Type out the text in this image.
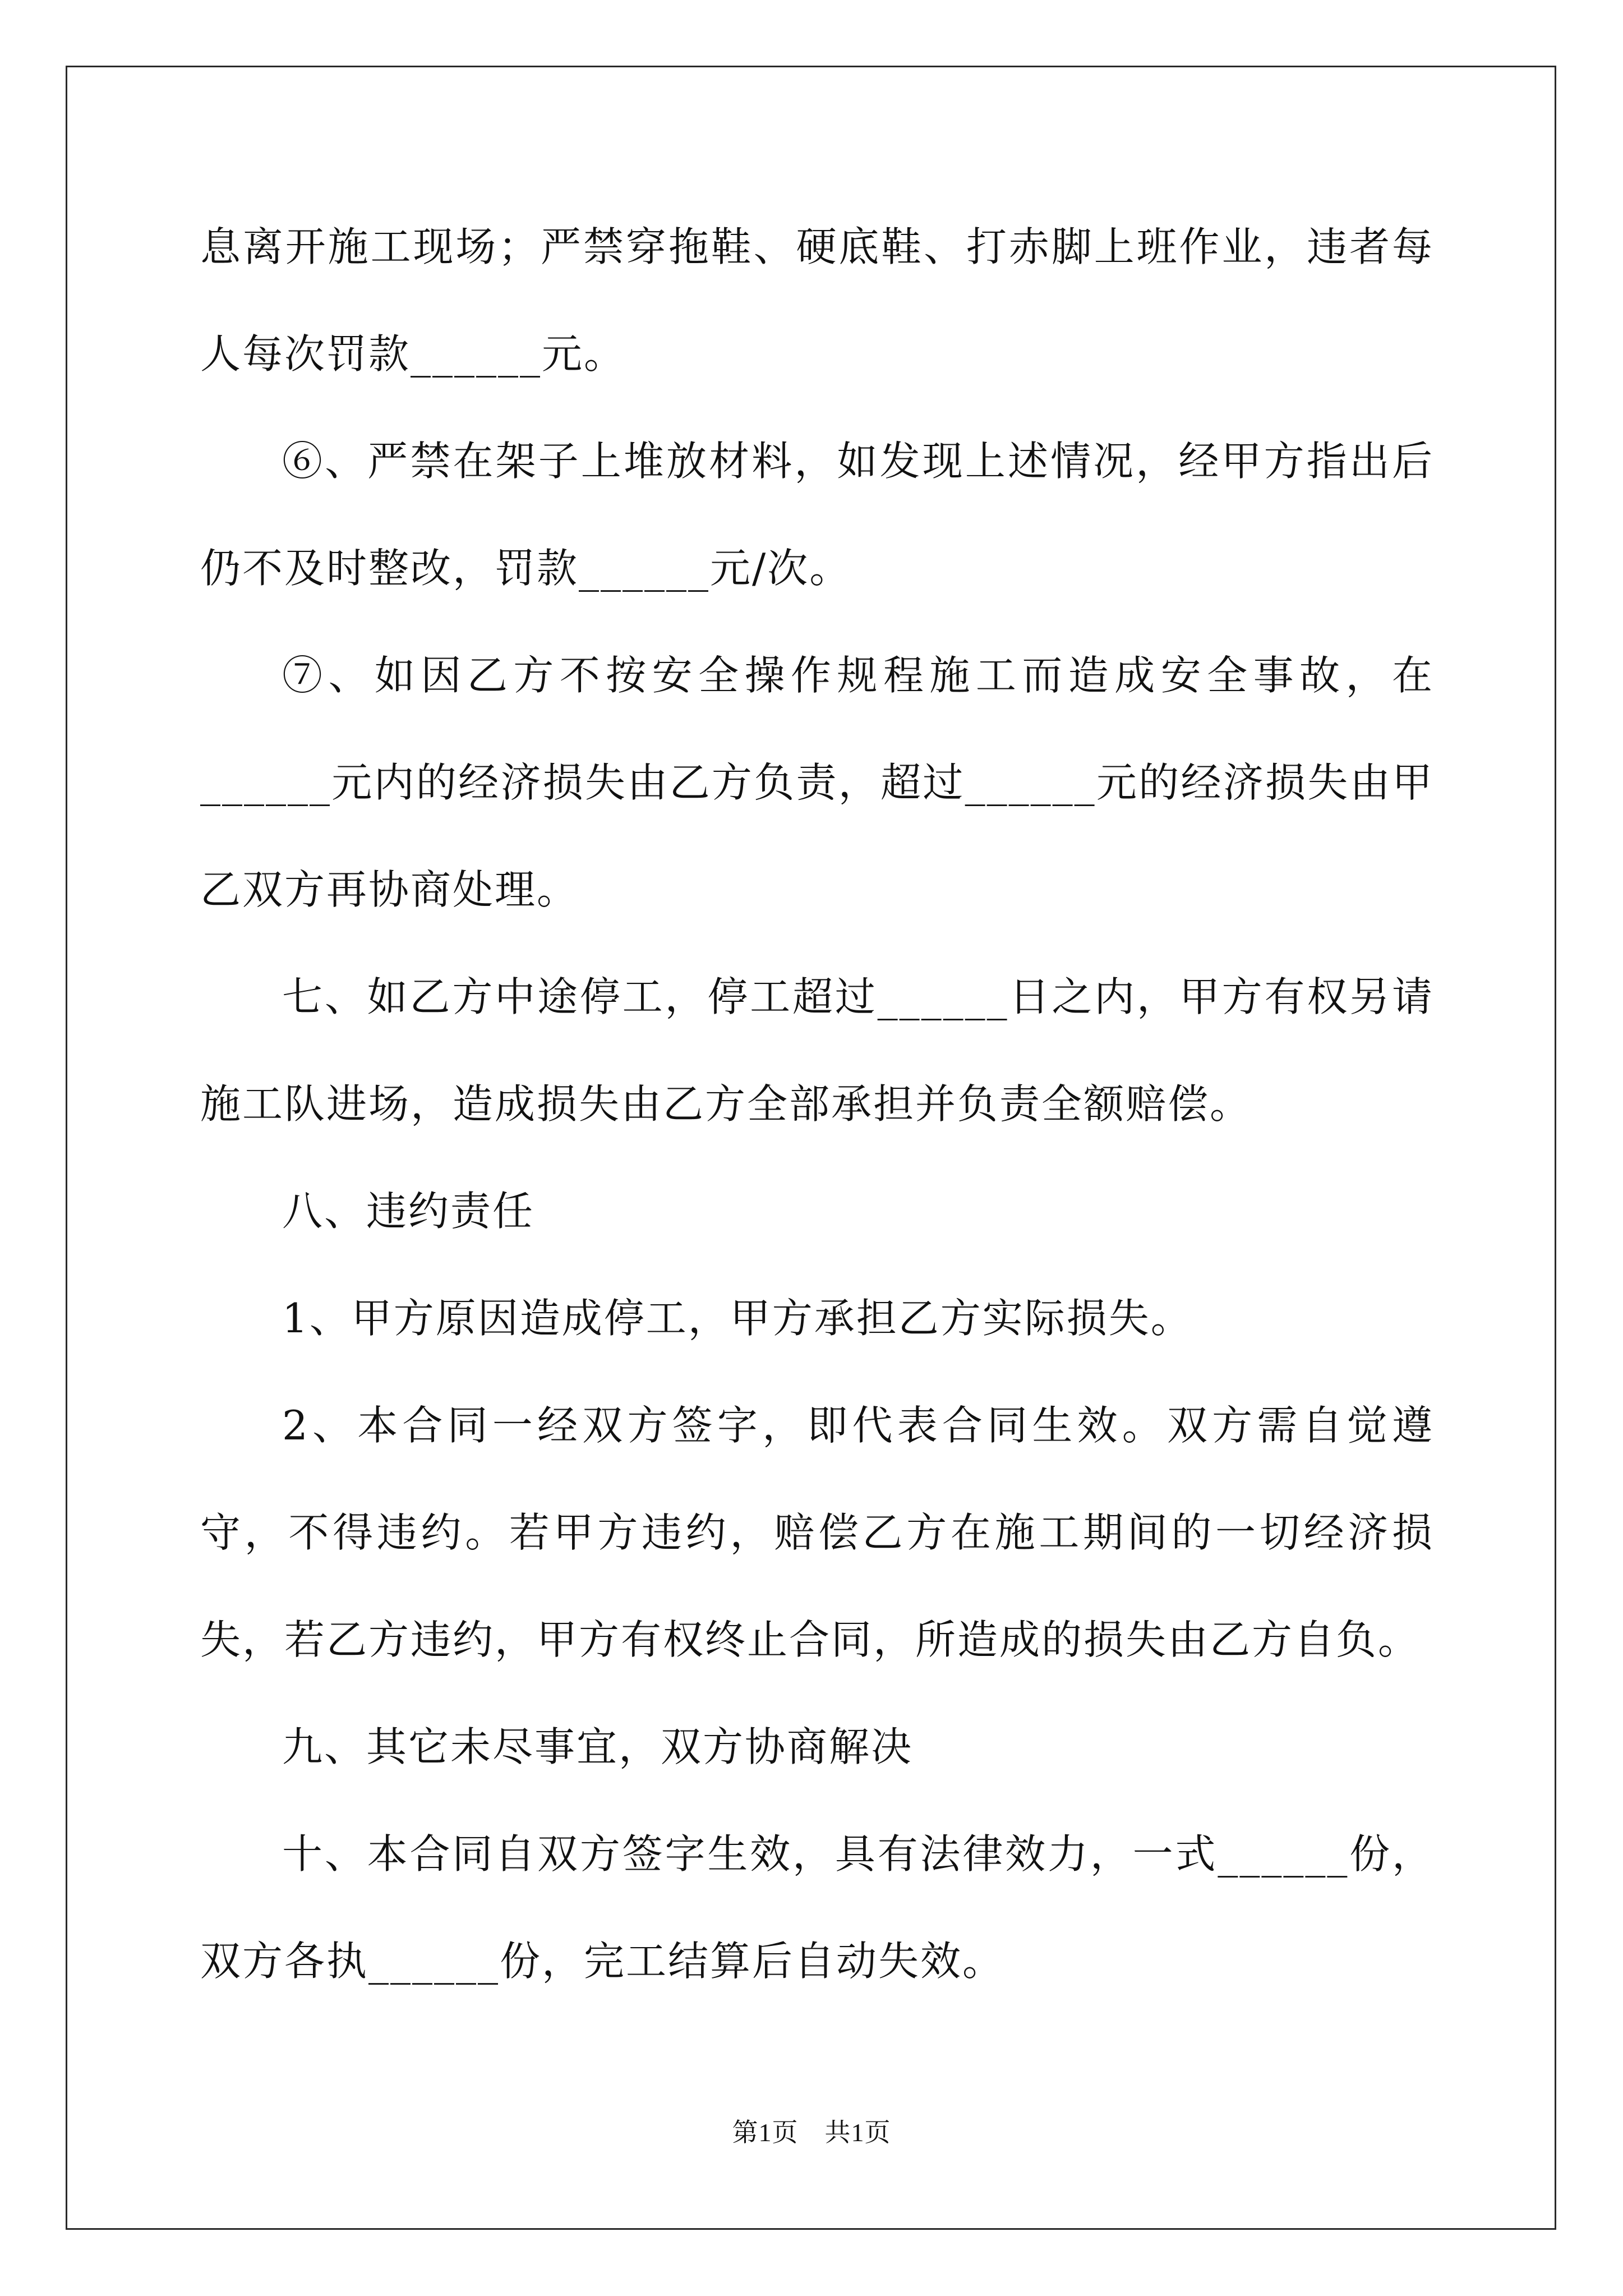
息离开施工现场；严禁穿拖鞋、硬底鞋、打赤脚上班作业，违者每人每次罚款______元。

⑥、严禁在架子上堆放材料，如发现上述情况，经甲方指出后仍不及时整改，罚款______元/次。

⑦、如因乙方不按安全操作规程施工而造成安全事故，在______元内的经济损失由乙方负责，超过______元的经济损失由甲乙双方再协商处理。

七、如乙方中途停工，停工超过______日之内，甲方有权另请施工队进场，造成损失由乙方全部承担并负责全额赔偿。

八、违约责任

1、甲方原因造成停工，甲方承担乙方实际损失。

2、本合同一经双方签字，即代表合同生效。双方需自觉遵守，不得违约。若甲方违约，赔偿乙方在施工期间的一切经济损失，若乙方违约，甲方有权终止合同，所造成的损失由乙方自负。

九、其它未尽事宜，双方协商解决

十、本合同自双方签字生效，具有法律效力，一式______份，双方各执______份，完工结算后自动失效。

第1页　共1页
